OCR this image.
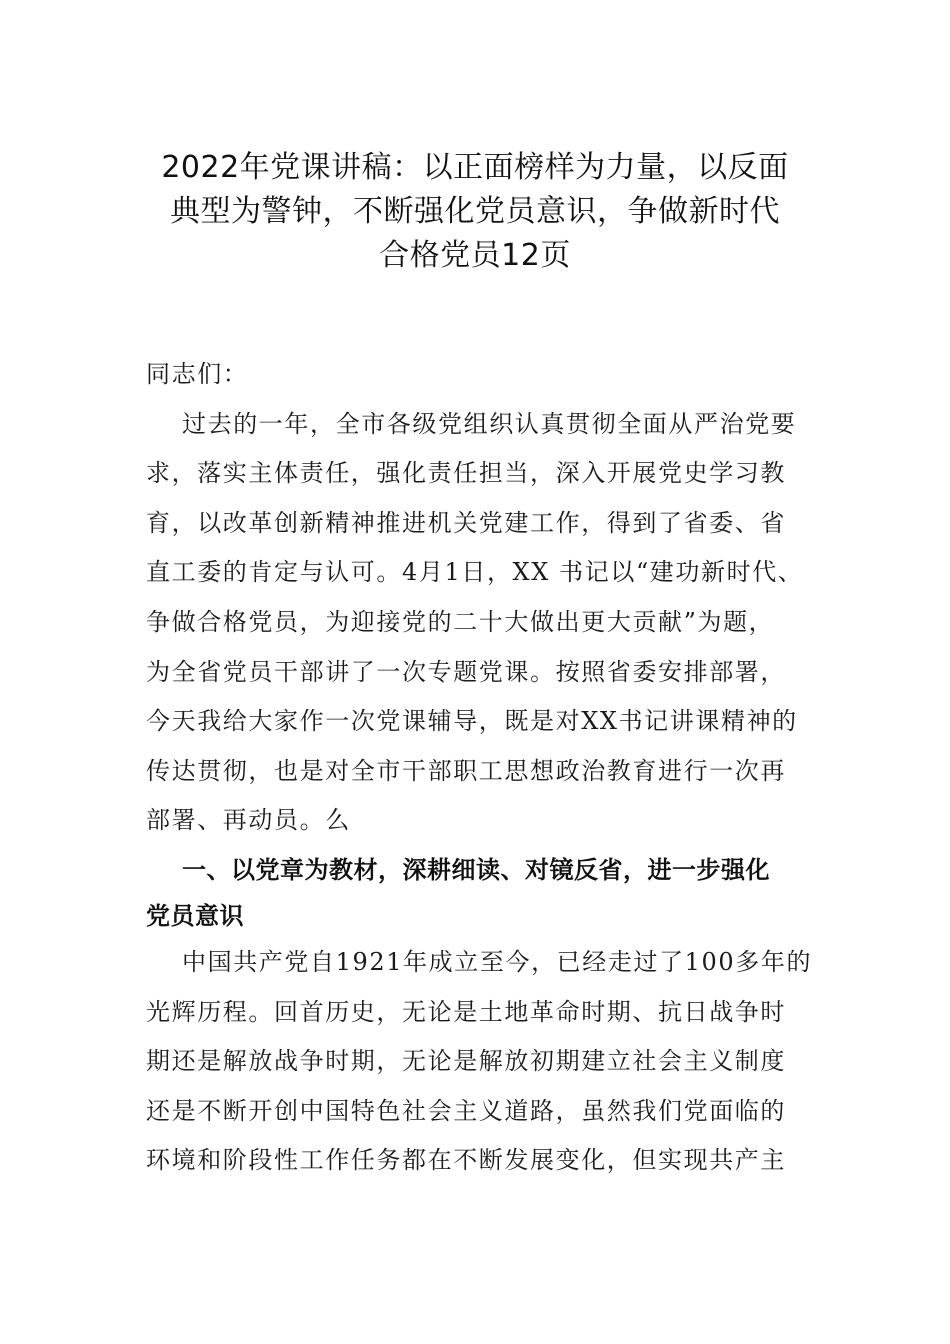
2022年党课讲稿：以正面榜样为力量，以反面
典型为警钟，不断强化党员意识，争做新时代
合格党员12页
同志们：
过去的一年，全市各级党组织认真贯彻全面从严治党要
求，落实主体责任，强化责任担当，深入开展党史学习教
育，以改革创新精神推进机关党建工作，得到了省委、省
直工委的肯定与认可。4月1日，XX 书记以“建功新时代、
争做合格党员，为迎接党的二十大做出更大贡献”为题，
为全省党员干部讲了一次专题党课。按照省委安排部署，
今天我给大家作一次党课辅导，既是对XX书记讲课精神的
传达贯彻，也是对全市干部职工思想政治教育进行一次再
部署、再动员。么
一、以党章为教材，深耕细读、对镜反省，进一步强化
党员意识
中国共产党自1921年成立至今，已经走过了100多年的
光辉历程。回首历史，无论是土地革命时期、抗日战争时
期还是解放战争时期，无论是解放初期建立社会主义制度
还是不断开创中国特色社会主义道路，虽然我们党面临的
环境和阶段性工作任务都在不断发展变化，但实现共产主
